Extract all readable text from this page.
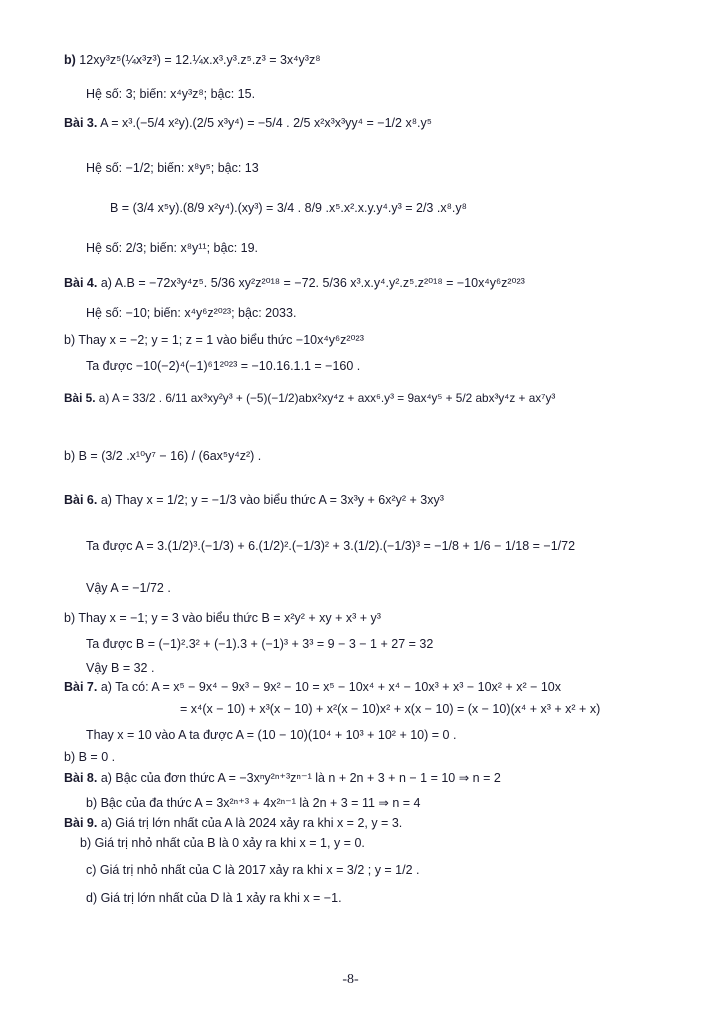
b) 12xy³z⁵(¼x³z³) = 12.¼x.x³.y³.z⁵.z³ = 3x⁴y³z⁸
Hệ số: 3; biến: x⁴y³z⁸; bậc: 15.
Bài 3. A = x³.(−5/4 x²y).(2/5 x³y⁴) = −5/4 . 2/5 x²x³x³yy⁴ = −1/2 x⁸.y⁵
Hệ số: −1/2; biến: x⁸y⁵; bậc: 13
B = (3/4 x⁵y).(8/9 x²y⁴).(xy³) = 3/4 . 8/9 .x⁵.x².x.y.y⁴.y³ = 2/3 .x⁸.y⁸
Hệ số: 2/3; biến: x⁸y¹¹; bậc: 19.
Bài 4. a) A.B = −72x³y⁴z⁵. 5/36 xy²z²⁰¹⁸ = −72. 5/36 x³.x.y⁴.y².z⁵.z²⁰¹⁸ = −10x⁴y⁶z²⁰²³
Hệ số: −10; biến: x⁴y⁶z²⁰²³; bậc: 2033.
b) Thay x = −2; y = 1; z = 1 vào biểu thức −10x⁴y⁶z²⁰²³
Ta được −10(−2)⁴(−1)⁶1²⁰²³ = −10.16.1.1 = −160 .
Bài 5. a) A = 33/2 . 6/11 ax³xy²y³ + (−5)(−1/2)abx²xy⁴z + axx⁶.y³ = 9ax⁴y⁵ + 5/2 abx³y⁴z + ax⁷y³
b) B = (3/2 .x¹⁰y⁷ − 16) / (6ax⁵y⁴z²) .
Bài 6. a) Thay x = 1/2; y = −1/3 vào biểu thức A = 3x³y + 6x²y² + 3xy³
Ta được A = 3.(1/2)³.(−1/3) + 6.(1/2)².(−1/3)² + 3.(1/2).(−1/3)³ = −1/8 + 1/6 − 1/18 = −1/72
Vậy A = −1/72 .
b) Thay x = −1; y = 3 vào biểu thức B = x²y² + xy + x³ + y³
Ta được B = (−1)².3² + (−1).3 + (−1)³ + 3³ = 9 − 3 − 1 + 27 = 32
Vậy B = 32 .
Bài 7. a) Ta có: A = x⁵ − 9x⁴ − 9x³ − 9x² − 10 = x⁵ − 10x⁴ + x⁴ − 10x³ + x³ − 10x² + x² − 10x
= x⁴(x − 10) + x³(x − 10) + x²(x − 10)x² + x(x − 10) = (x − 10)(x⁴ + x³ + x² + x)
Thay x = 10 vào A ta được A = (10 − 10)(10⁴ + 10³ + 10² + 10) = 0 .
b) B = 0 .
Bài 8. a) Bậc của đơn thức A = −3xⁿy²ⁿ⁺³zⁿ⁻¹ là n + 2n + 3 + n − 1 = 10 ⇒ n = 2
b) Bậc của đa thức A = 3x²ⁿ⁺³ + 4x²ⁿ⁻¹ là 2n + 3 = 11 ⇒ n = 4
Bài 9. a) Giá trị lớn nhất của A là 2024 xảy ra khi x = 2, y = 3.
b) Giá trị nhỏ nhất của B là 0 xảy ra khi x = 1, y = 0.
c) Giá trị nhỏ nhất của C là 2017 xảy ra khi x = 3/2 ; y = 1/2 .
d) Giá trị lớn nhất của D là 1 xảy ra khi x = −1.
-8-
